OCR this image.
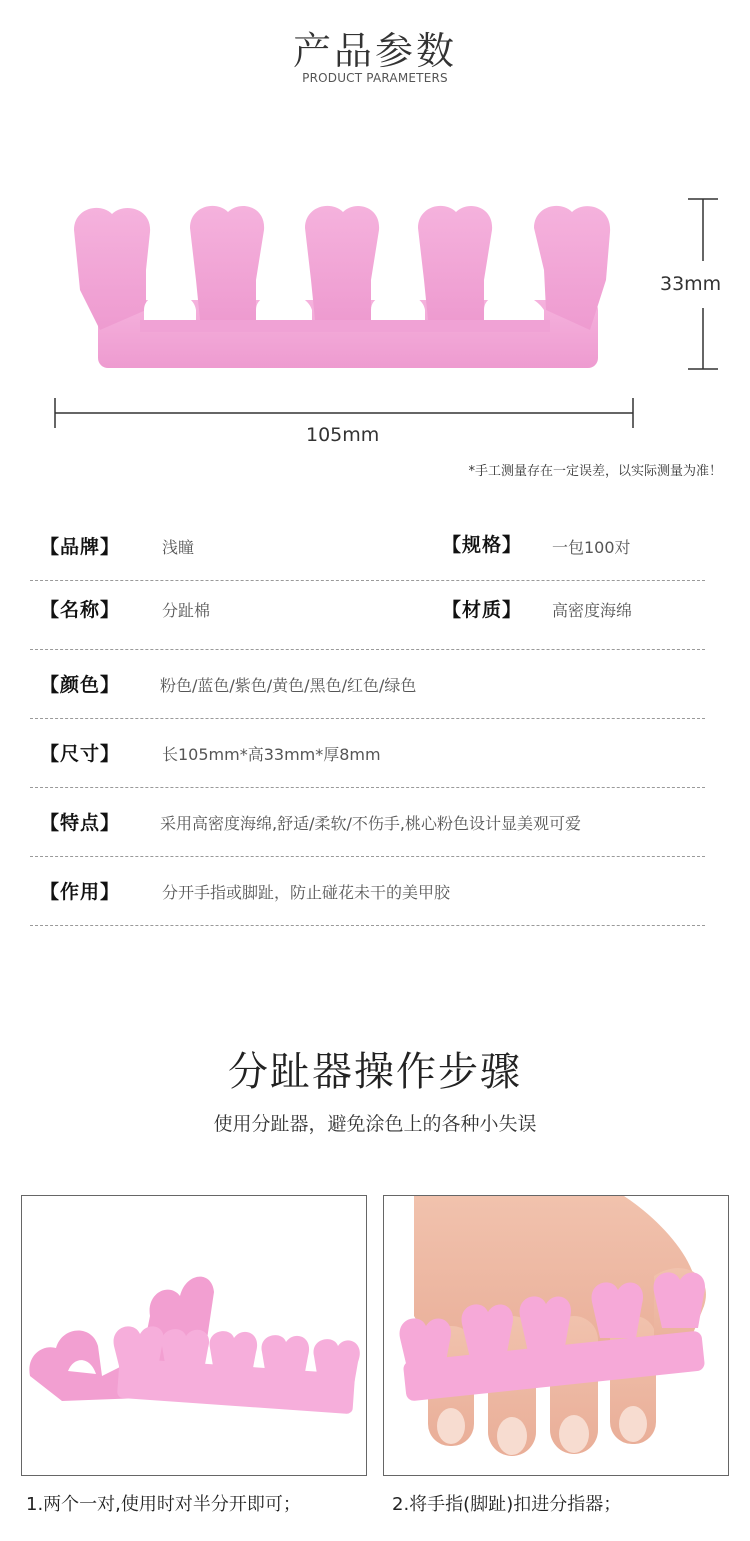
产品参数
PRODUCT PARAMETERS
33mm
105mm
*手工测量存在一定误差，以实际测量为准！
【品牌】	浅瞳	【规格】 一包100对
【名称】	分趾棉	【材质】 高密度海绵
【颜色】 粉色/蓝色/紫色/黄色/黑色/红色/绿色
【尺寸】	长105mm*高33mm*厚8mm
【特点】 采用高密度海绵,舒适/柔软/不伤手,桃心粉色设计显美观可爱
【作用】	分开手指或脚趾，防止碰花未干的美甲胶
分趾器操作步骤
使用分趾器，避免涂色上的各种小失误
1.两个一对,使用时对半分开即可；	2.将手指(脚趾)扣进分指器；
